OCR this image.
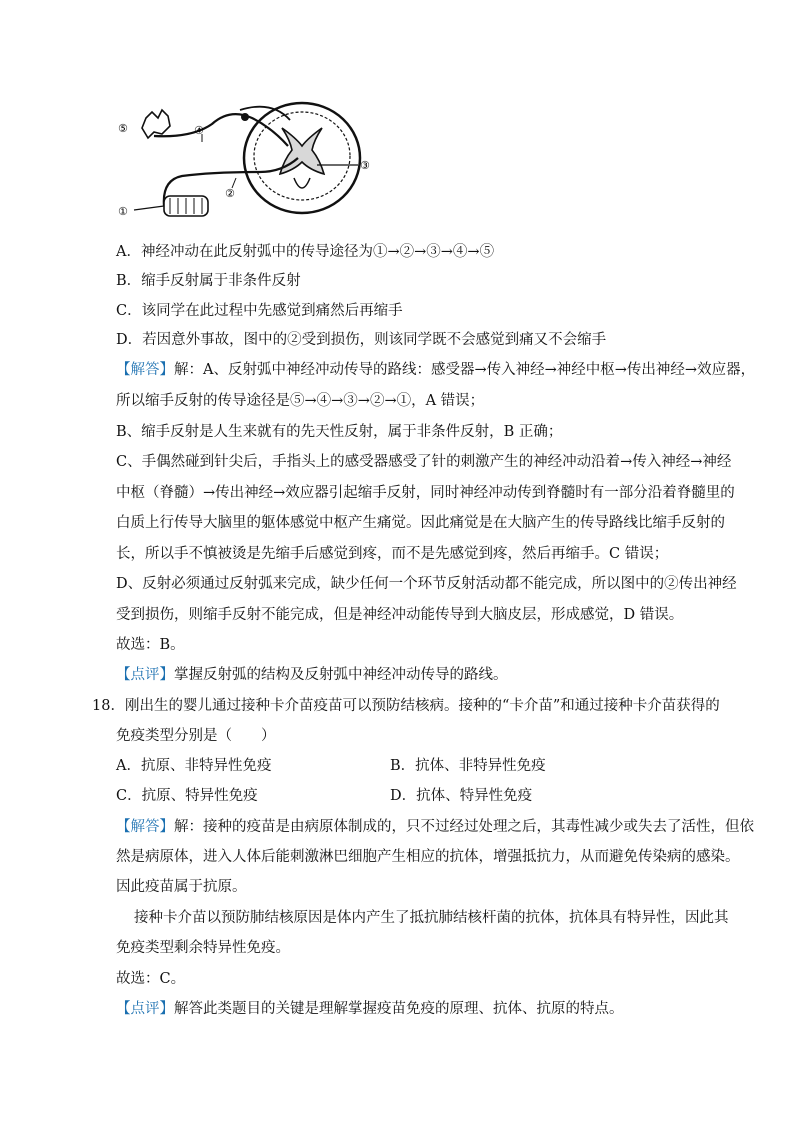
⑤	④
③
②
①
A．神经冲动在此反射弧中的传导途径为①→②→③→④→⑤
B．缩手反射属于非条件反射
C．该同学在此过程中先感觉到痛然后再缩手
D．若因意外事故，图中的②受到损伤，则该同学既不会感觉到痛又不会缩手
【解答】解：A、反射弧中神经冲动传导的路线：感受器→传入神经→神经中枢→传出神经→效应器，
所以缩手反射的传导途径是⑤→④→③→②→①，A 错误；
B、缩手反射是人生来就有的先天性反射，属于非条件反射，B 正确；
C、手偶然碰到针尖后，手指头上的感受器感受了针的刺激产生的神经冲动沿着→传入神经→神经
中枢（脊髓）→传出神经→效应器引起缩手反射，同时神经冲动传到脊髓时有一部分沿着脊髓里的
白质上行传导大脑里的躯体感觉中枢产生痛觉。因此痛觉是在大脑产生的传导路线比缩手反射的
长，所以手不慎被烫是先缩手后感觉到疼，而不是先感觉到疼，然后再缩手。C 错误；
D、反射必须通过反射弧来完成，缺少任何一个环节反射活动都不能完成，所以图中的②传出神经
受到损伤，则缩手反射不能完成，但是神经冲动能传导到大脑皮层，形成感觉，D 错误。
故选：B。
【点评】掌握反射弧的结构及反射弧中神经冲动传导的路线。
18．刚出生的婴儿通过接种卡介苗疫苗可以预防结核病。接种的“卡介苗”和通过接种卡介苗获得的
免疫类型分别是（　　）
A．抗原、非特异性免疫	B．抗体、非特异性免疫
C．抗原、特异性免疫	D．抗体、特异性免疫
【解答】解：接种的疫苗是由病原体制成的，只不过经过处理之后，其毒性减少或失去了活性，但依
然是病原体，进入人体后能刺激淋巴细胞产生相应的抗体，增强抵抗力，从而避免传染病的感染。
因此疫苗属于抗原。
接种卡介苗以预防肺结核原因是体内产生了抵抗肺结核杆菌的抗体，抗体具有特异性，因此其
免疫类型剩余特异性免疫。
故选：C。
【点评】解答此类题目的关键是理解掌握疫苗免疫的原理、抗体、抗原的特点。
